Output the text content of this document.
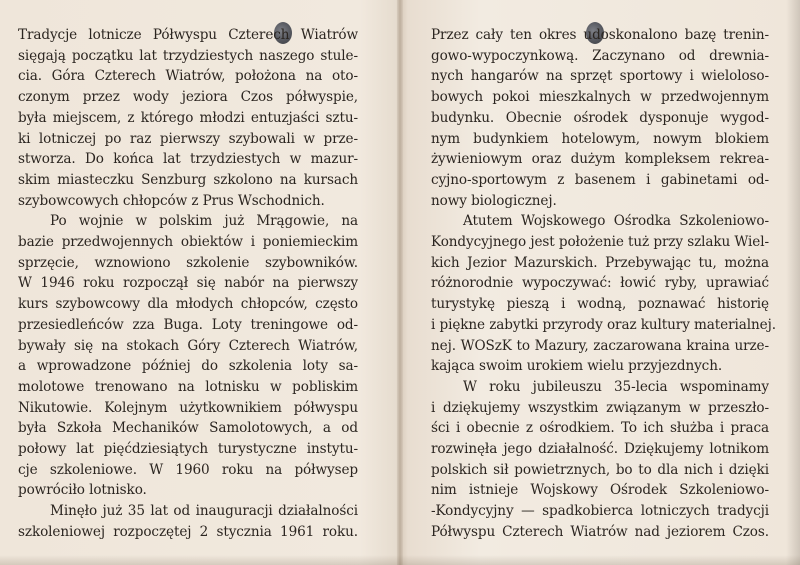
Tradycje lotnicze Półwyspu Czterech Wiatrów
sięgają początku lat trzydziestych naszego stule-
cia. Góra Czterech Wiatrów, położona na oto-
czonym przez wody jeziora Czos półwyspie,
była miejscem, z którego młodzi entuzjaści sztu-
ki lotniczej po raz pierwszy szybowali w prze-
stworza. Do końca lat trzydziestych w mazur-
skim miasteczku Senzburg szkolono na kursach
szybowcowych chłopców z Prus Wschodnich.

Po wojnie w polskim już Mrągowie, na
bazie przedwojennych obiektów i poniemieckim
sprzęcie, wznowiono szkolenie szybowników.
W 1946 roku rozpoczął się nabór na pierwszy
kurs szybowcowy dla młodych chłopców, często
przesiedleńców zza Buga. Loty treningowe od-
bywały się na stokach Góry Czterech Wiatrów,
a wprowadzone później do szkolenia loty sa-
molotowe trenowano na lotnisku w pobliskim
Nikutowie. Kolejnym użytkownikiem półwyspu
była Szkoła Mechaników Samolotowych, a od
połowy lat pięćdziesiątych turystyczne instytu-
cje szkoleniowe. W 1960 roku na półwysep
powróciło lotnisko.

Minęło już 35 lat od inauguracji działalności
szkoleniowej rozpoczętej 2 stycznia 1961 roku.

Przez cały ten okres udoskonalono bazę trenin-
gowo-wypoczynkową. Zaczynano od drewnia-
nych hangarów na sprzęt sportowy i wieloloso-
bowych pokoi mieszkalnych w przedwojennym
budynku. Obecnie ośrodek dysponuje wygod-
nym budynkiem hotelowym, nowym blokiem
żywieniowym oraz dużym kompleksem rekrea-
cyjno-sportowym z basenem i gabinetami od-
nowy biologicznej.

Atutem Wojskowego Ośrodka Szkoleniowo-
Kondycyjnego jest położenie tuż przy szlaku Wiel-
kich Jezior Mazurskich. Przebywając tu, można
różnorodnie wypoczywać: łowić ryby, uprawiać
turystykę pieszą i wodną, poznawać historię
i piękne zabytki przyrody oraz kultury materialnej.
nej. WOSzK to Mazury, zaczarowana kraina urze-
kająca swoim urokiem wielu przyjezdnych.

W roku jubileuszu 35-lecia wspominamy
i dziękujemy wszystkim związanym w przeszło-
ści i obecnie z ośrodkiem. To ich służba i praca
rozwinęła jego działalność. Dziękujemy lotnikom
polskich sił powietrznych, bo to dla nich i dzięki
nim istnieje Wojskowy Ośrodek Szkoleniowo-
-Kondycyjny — spadkobierca lotniczych tradycji
Półwyspu Czterech Wiatrów nad jeziorem Czos.
